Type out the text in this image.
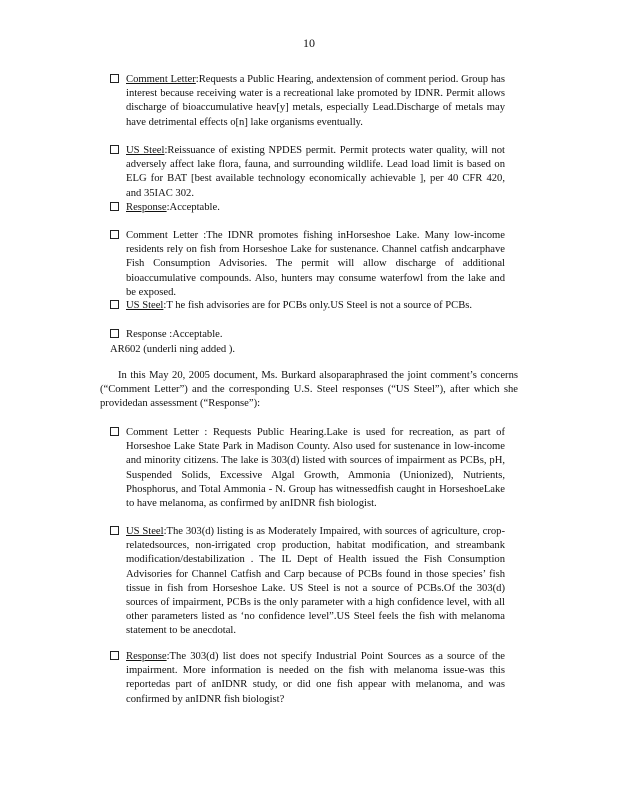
10
Comment Letter:Requests a Public Hearing, andextension of comment period. Group has interest because receiving water is a recreational lake promoted by IDNR. Permit allows discharge of bioaccumulative heav[y] metals, especially Lead.Discharge of metals may have detrimental effects o[n] lake organisms eventually.
US Steel:Reissuance of existing NPDES permit. Permit protects water quality, will not adversely affect lake flora, fauna, and surrounding wildlife. Lead load limit is based on ELG for BAT [best available technology economically achievable ], per 40 CFR 420, and 35IAC 302.
Response:Acceptable.
Comment Letter :The IDNR promotes fishing inHorseshoe Lake. Many low-income residents rely on fish from Horseshoe Lake for sustenance. Channel catfish andcarphave Fish Consumption Advisories. The permit will allow discharge of additional bioaccumulative compounds. Also, hunters may consume waterfowl from the lake and be exposed.
US Steel:T he fish advisories are for PCBs only.US Steel is not a source of PCBs.
Response :Acceptable.
AR602 (underli ning added ).
In this May 20, 2005 document, Ms. Burkard alsoparaphrased the joint comment’s concerns (“Comment Letter”) and the corresponding U.S. Steel responses (“US Steel”), after which she providedan assessment (“Response”):
Comment Letter : Requests Public Hearing.Lake is used for recreation, as part of Horseshoe Lake State Park in Madison County. Also used for sustenance in low-income and minority citizens. The lake is 303(d) listed with sources of impairment as PCBs, pH, Suspended Solids, Excessive Algal Growth, Ammonia (Unionized), Nutrients, Phosphorus, and Total Ammonia - N. Group has witnessedfish caught in HorseshoeLake to have melanoma, as confirmed by anIDNR fish biologist.
US Steel:The 303(d) listing is as Moderately Impaired, with sources of agriculture, crop-relatedsources, non-irrigated crop production, habitat modification, and streambank modification/destabilization . The IL Dept of Health issued the Fish Consumption Advisories for Channel Catfish and Carp because of PCBs found in those species’ fish tissue in fish from Horseshoe Lake. US Steel is not a source of PCBs.Of the 303(d) sources of impairment, PCBs is the only parameter with a high confidence level, with all other parameters listed as ‘no confidence level”.US Steel feels the fish with melanoma statement to be anecdotal.
Response:The 303(d) list does not specify Industrial Point Sources as a source of the impairment. More information is needed on the fish with melanoma issue-was this reportedas part of anIDNR study, or did one fish appear with melanoma, and was confirmed by anIDNR fish biologist?
